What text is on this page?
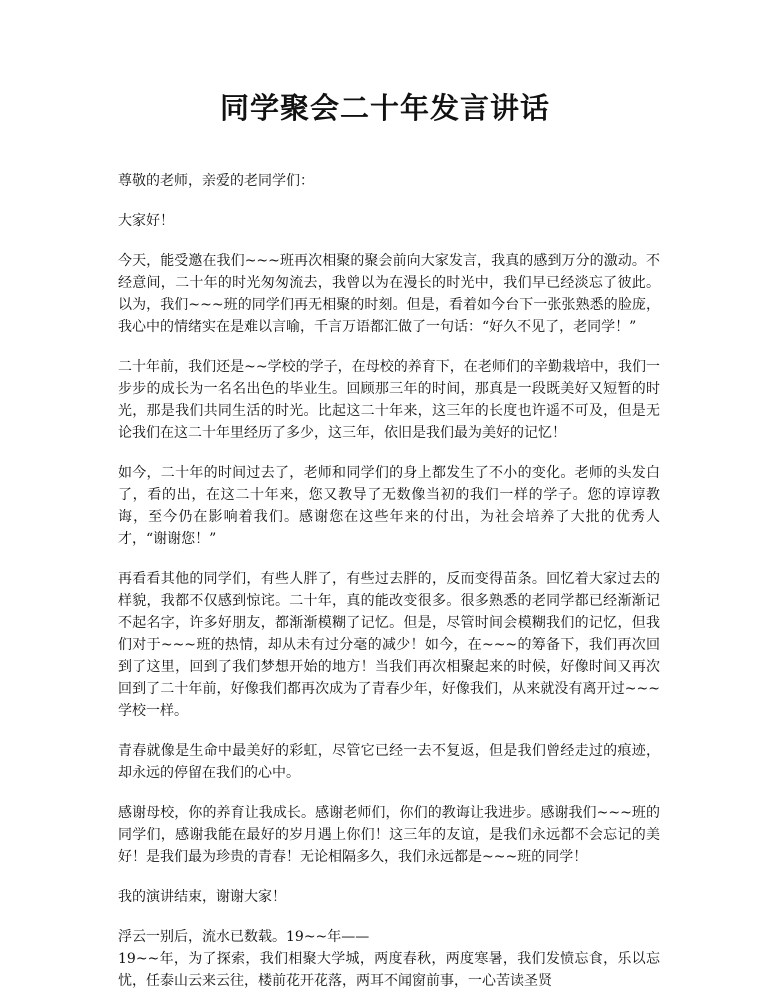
同学聚会二十年发言讲话

尊敬的老师，亲爱的老同学们：

大家好！

今天，能受邀在我们~~~班再次相聚的聚会前向大家发言，我真的感到万分的激动。不经意间，二十年的时光匆匆流去，我曾以为在漫长的时光中，我们早已经淡忘了彼此。以为，我们~~~班的同学们再无相聚的时刻。但是，看着如今台下一张张熟悉的脸庞，我心中的情绪实在是难以言喻，千言万语都汇做了一句话：“好久不见了，老同学！”

二十年前，我们还是~~学校的学子，在母校的养育下，在老师们的辛勤栽培中，我们一步步的成长为一名名出色的毕业生。回顾那三年的时间，那真是一段既美好又短暂的时光，那是我们共同生活的时光。比起这二十年来，这三年的长度也许遥不可及，但是无论我们在这二十年里经历了多少，这三年，依旧是我们最为美好的记忆！

如今，二十年的时间过去了，老师和同学们的身上都发生了不小的变化。老师的头发白了，看的出，在这二十年来，您又教导了无数像当初的我们一样的学子。您的谆谆教诲，至今仍在影响着我们。感谢您在这些年来的付出，为社会培养了大批的优秀人才，“谢谢您！”

再看看其他的同学们，有些人胖了，有些过去胖的，反而变得苗条。回忆着大家过去的样貌，我都不仅感到惊诧。二十年，真的能改变很多。很多熟悉的老同学都已经渐渐记不起名字，许多好朋友，都渐渐模糊了记忆。但是，尽管时间会模糊我们的记忆，但我们对于~~~班的热情，却从未有过分毫的减少！如今，在~~~的筹备下，我们再次回到了这里，回到了我们梦想开始的地方！当我们再次相聚起来的时候，好像时间又再次回到了二十年前，好像我们都再次成为了青春少年，好像我们，从来就没有离开过~~~学校一样。

青春就像是生命中最美好的彩虹，尽管它已经一去不复返，但是我们曾经走过的痕迹，却永远的停留在我们的心中。

感谢母校，你的养育让我成长。感谢老师们，你们的教诲让我进步。感谢我们~~~班的同学们，感谢我能在最好的岁月遇上你们！这三年的友谊，是我们永远都不会忘记的美好！是我们最为珍贵的青春！无论相隔多久，我们永远都是~~~班的同学！

我的演讲结束，谢谢大家！

浮云一别后，流水已数载。19~~年——

19~~年，为了探索，我们相聚大学城，两度春秋，两度寒暑，我们发愤忘食，乐以忘忧，任泰山云来云往，楼前花开花落，两耳不闻窗前事，一心苦读圣贤
